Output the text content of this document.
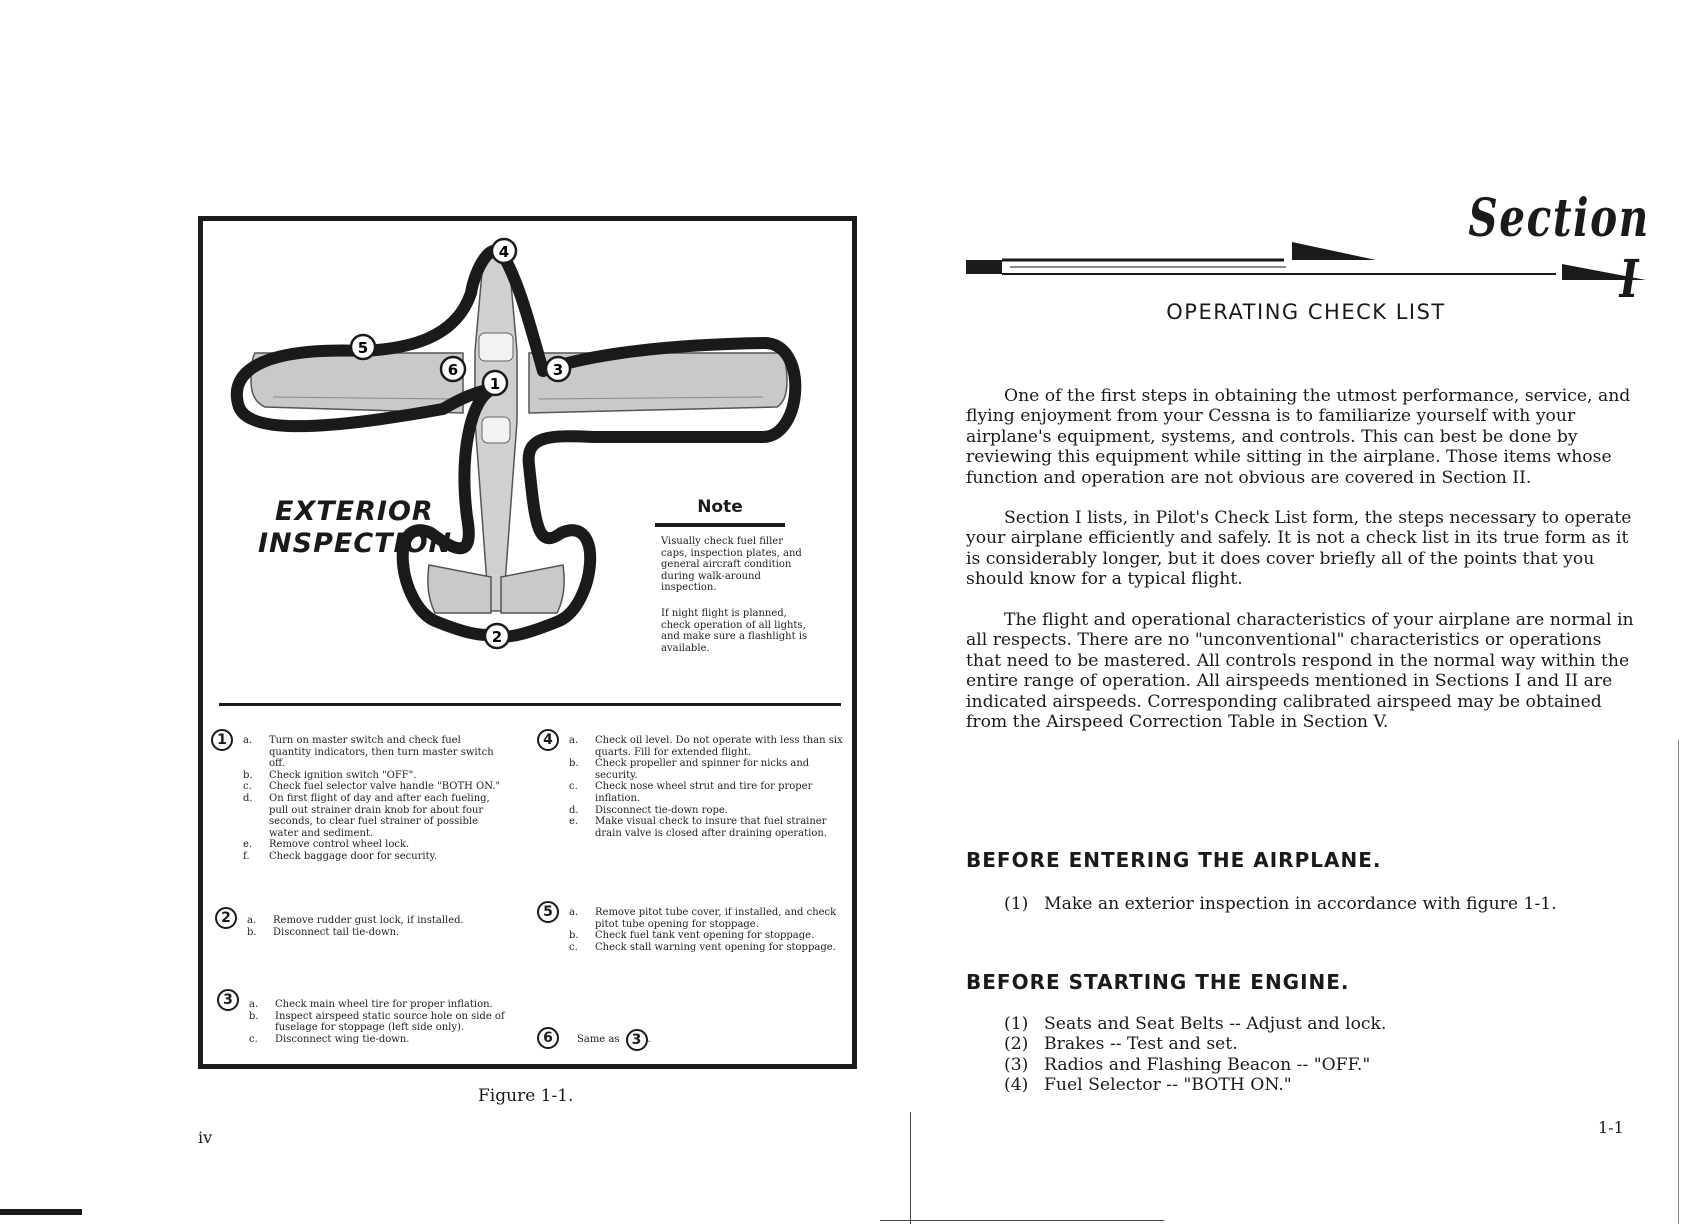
4
5
6
1
3
2
EXTERIOR
INSPECTION
Note
Visually check fuel filler caps, inspection plates, and general aircraft condition during walk-around inspection.
If night flight is planned, check operation of all lights, and make sure a flashlight is available.
1	a.	Turn on master switch and check fuel quantity indicators, then turn master switch off.
b.	Check ignition switch "OFF".
c.	Check fuel selector valve handle "BOTH ON."
d.	On first flight of day and after each fueling, pull out strainer drain knob for about four seconds, to clear fuel strainer of possible water and sediment.
e.	Remove control wheel lock.
f.	Check baggage door for security.
4	a.	Check oil level. Do not operate with less than six quarts. Fill for extended flight.
b.	Check propeller and spinner for nicks and security.
c.	Check nose wheel strut and tire for proper inflation.
d.	Disconnect tie-down rope.
e.	Make visual check to insure that fuel strainer drain valve is closed after draining operation.
2	a.	Remove rudder gust lock, if installed.
b.	Disconnect tail tie-down.
5	a.	Remove pitot tube cover, if installed, and check pitot tube opening for stoppage.
b.	Check fuel tank vent opening for stoppage.
c.	Check stall warning vent opening for stoppage.
3	a.	Check main wheel tire for proper inflation.
b.	Inspect airspeed static source hole on side of fuselage for stoppage (left side only).
c.	Disconnect wing tie-down.	6	Same as 3 .
Figure 1-1.
iv
Section
OPERATING CHECK LIST
One of the first steps in obtaining the utmost performance, service, and flying enjoyment from your Cessna is to familiarize yourself with your airplane's equipment, systems, and controls. This can best be done by reviewing this equipment while sitting in the airplane. Those items whose function and operation are not obvious are covered in Section II.
Section I lists, in Pilot's Check List form, the steps necessary to operate your airplane efficiently and safely. It is not a check list in its true form as it is considerably longer, but it does cover briefly all of the points that you should know for a typical flight.
The flight and operational characteristics of your airplane are normal in all respects. There are no "unconventional" characteristics or operations that need to be mastered. All controls respond in the normal way within the entire range of operation. All airspeeds mentioned in Sections I and II are indicated airspeeds. Corresponding calibrated airspeed may be obtained from the Airspeed Correction Table in Section V.
BEFORE ENTERING THE AIRPLANE.
(1) Make an exterior inspection in accordance with figure 1-1.
BEFORE STARTING THE ENGINE.
(1) Seats and Seat Belts -- Adjust and lock.
(2) Brakes -- Test and set.
(3) Radios and Flashing Beacon -- "OFF."
(4) Fuel Selector -- "BOTH ON."
1-1
